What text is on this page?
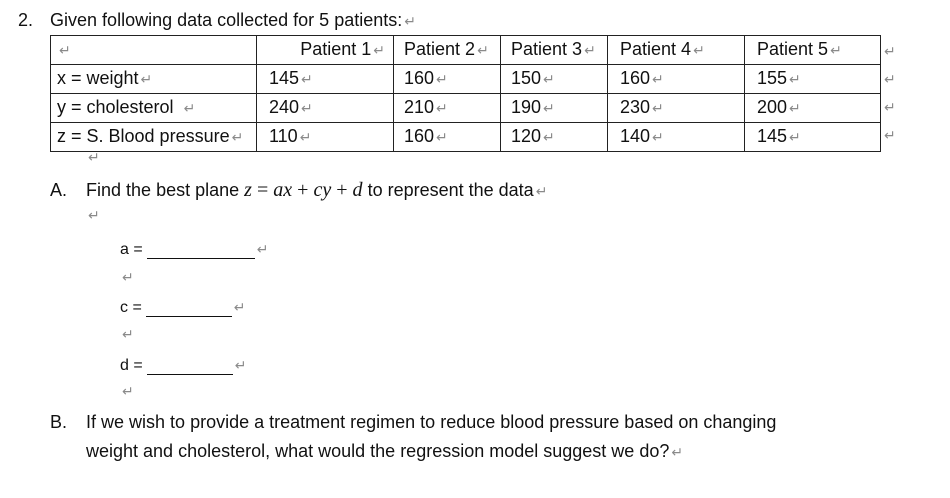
2. Given following data collected for 5 patients: ↵
↵	Patient 1 ↵	Patient 2 ↵	Patient 3 ↵	Patient 4 ↵	Patient 5 ↵
x = weight ↵	145 ↵	160 ↵	150 ↵	160 ↵	155 ↵
y = cholesterol ↵	240 ↵	210 ↵	190 ↵	230 ↵	200 ↵
z = S. Blood pressure ↵	110 ↵	160 ↵	120 ↵	140 ↵	145 ↵
↵
↵
↵
↵
↵
A. Find the best plane z = ax + cy + d to represent the data ↵
↵
a =	↵
↵
c =	↵
↵
d =	↵
↵
B. If we wish to provide a treatment regimen to reduce blood pressure based on changing
weight and cholesterol, what would the regression model suggest we do? ↵
